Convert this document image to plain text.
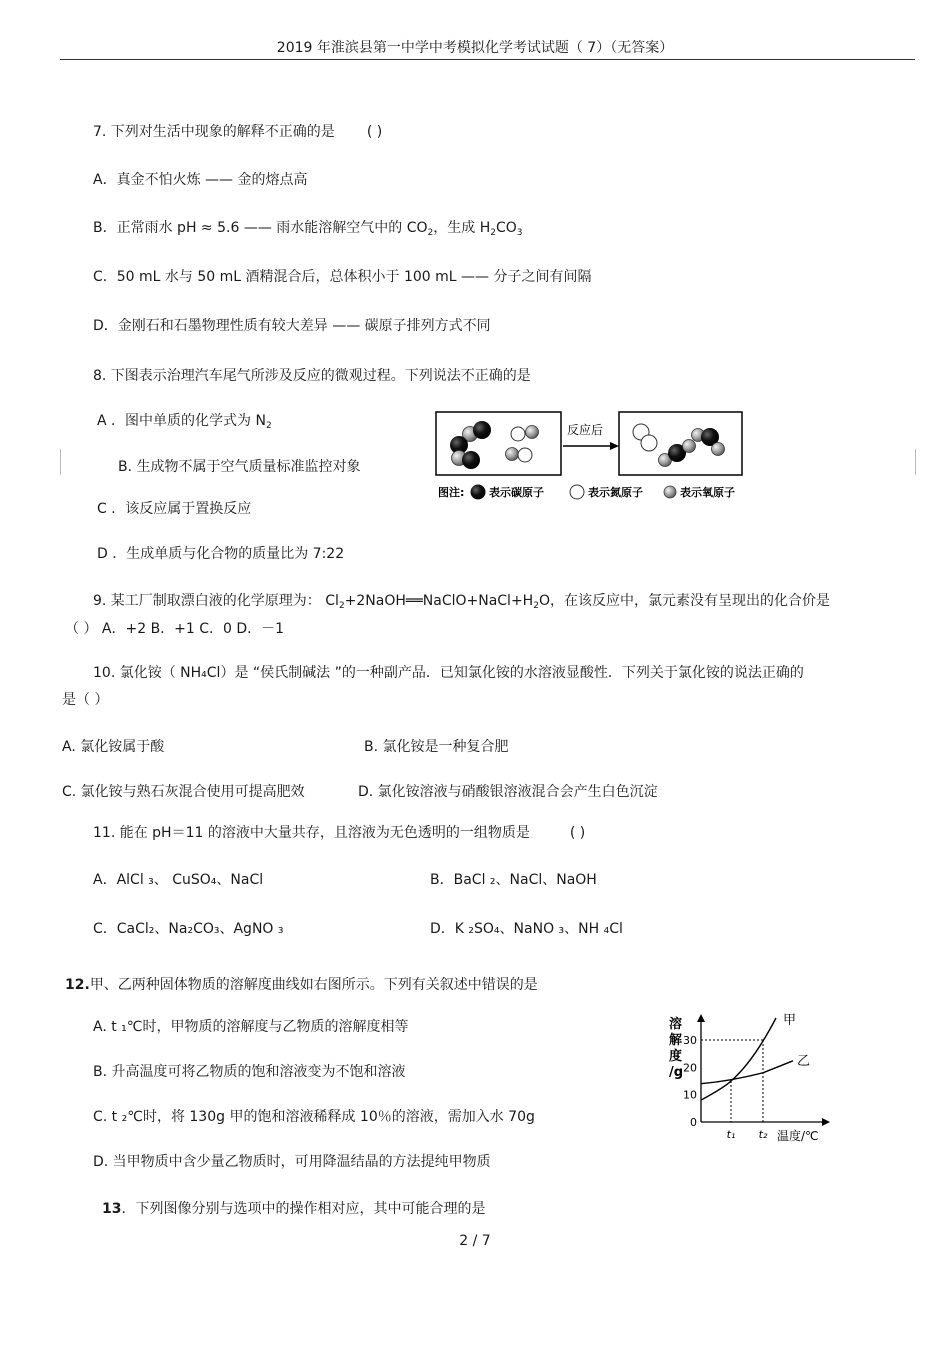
2019 年淮滨县第一中学中考模拟化学考试试题（ 7）（无答案）
7. 下列对生活中现象的解释不正确的是 ( )
A．真金不怕火炼 —— 金的熔点高
B．正常雨水 pH ≈ 5.6 —— 雨水能溶解空气中的 $CO_2$，生成 $H_2CO_3$
C．50 mL 水与 50 mL 酒精混合后，总体积小于 100 mL —— 分子之间有间隔
D．金刚石和石墨物理性质有较大差异 —— 碳原子排列方式不同
8. 下图表示治理汽车尾气所涉及反应的微观过程。下列说法不正确的是
A ．图中单质的化学式为 $N_2$
B. 生成物不属于空气质量标准监控对象
C ．该反应属于置换反应
D ．生成单质与化合物的质量比为 7:22
反应后
图注: 表示碳原子	表示氮原子	表示氧原子
9. 某工厂制取漂白液的化学原理为： $Cl_2+2NaOH══NaClO+NaCl+H_2O$，在该反应中，氯元素没有呈现出的化合价是
（ ） A．+2 B．+1 C．0 D．－1
10. 氯化铵（ NH₄Cl）是 “侯氏制碱法 ”的一种副产品．已知氯化铵的水溶液显酸性．下列关于氯化铵的说法正确的
是（ ）
A. 氯化铵属于酸	B. 氯化铵是一种复合肥
C. 氯化铵与熟石灰混合使用可提高肥效	D. 氯化铵溶液与硝酸银溶液混合会产生白色沉淀
11. 能在 pH＝11 的溶液中大量共存，且溶液为无色透明的一组物质是	( )
A．AlCl ₃、 CuSO₄、NaCl	B．BaCl ₂、NaCl、NaOH
C．CaCl₂、Na₂CO₃、AgNO ₃	D．K ₂SO₄、NaNO ₃、NH ₄Cl
12.甲、乙两种固体物质的溶解度曲线如右图所示。下列有关叙述中错误的是
A. t ₁℃时，甲物质的溶解度与乙物质的溶解度相等
B. 升高温度可将乙物质的饱和溶液变为不饱和溶液
C. t ₂℃时，将 130g 甲的饱和溶液稀释成 10％的溶液，需加入水 70g
D. 当甲物质中含少量乙物质时，可用降温结晶的方法提纯甲物质
溶
解
度
/g
30
20
10
0
t₁ t₂
甲
乙
温度/℃
13．下列图像分别与选项中的操作相对应，其中可能合理的是
2 / 7
